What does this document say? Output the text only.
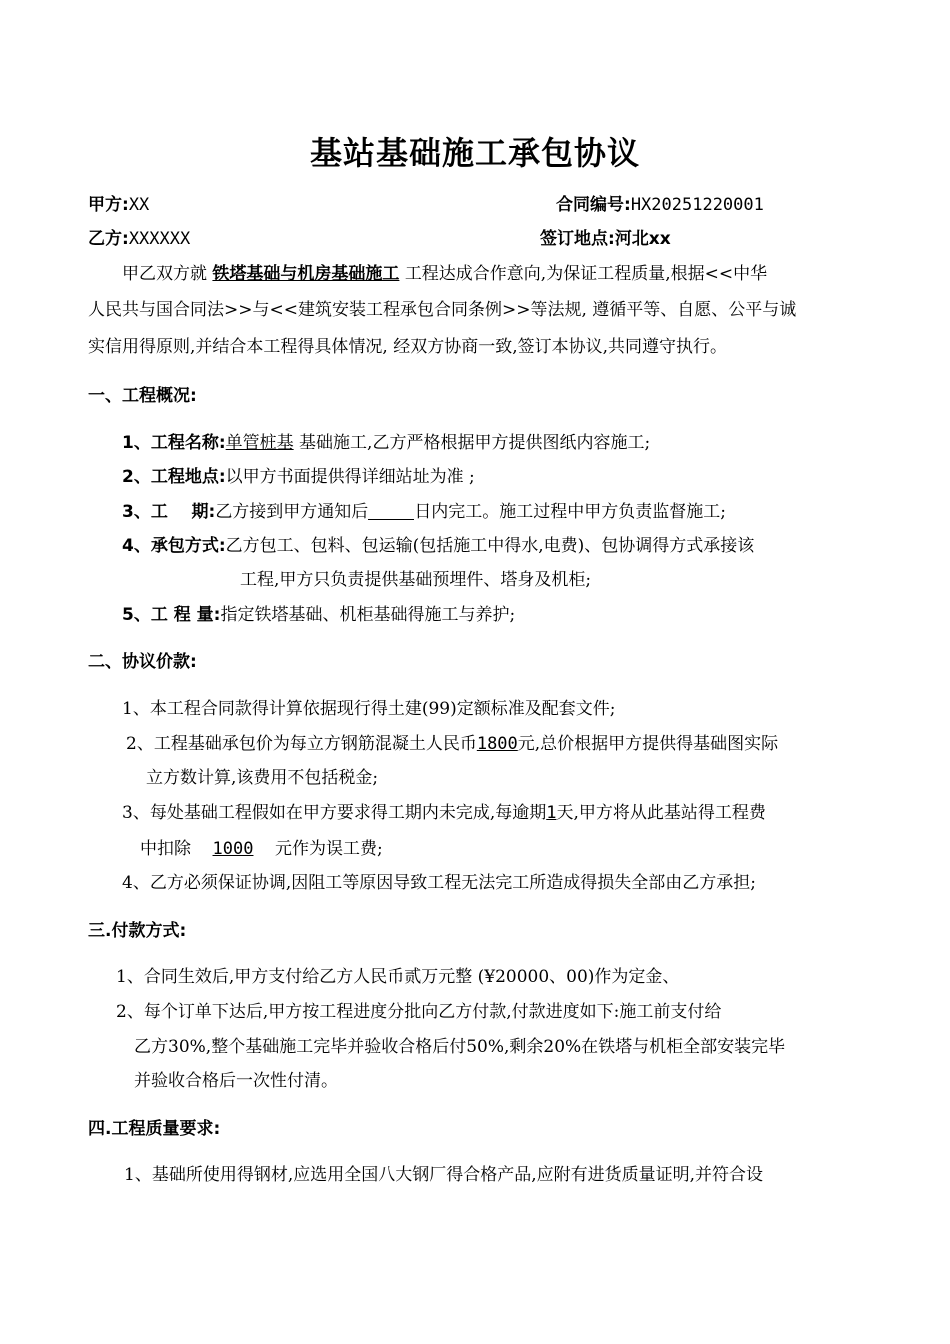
基站基础施工承包协议
甲方:XX	合同编号:HX20251220001
乙方:XXXXXX	签订地点:河北xx
甲乙双方就 铁塔基础与机房基础施工 工程达成合作意向,为保证工程质量,根据<<中华
人民共与国合同法>>与<<建筑安装工程承包合同条例>>等法规, 遵循平等、自愿、公平与诚
实信用得原则,并结合本工程得具体情况, 经双方协商一致,签订本协议,共同遵守执行。
一、工程概况:
1、工程名称:单管桩基 基础施工,乙方严格根据甲方提供图纸内容施工;
2、工程地点:以甲方书面提供得详细站址为准 ;
3、工    期:乙方接到甲方通知后	日内完工。施工过程中甲方负责监督施工;
4、承包方式:乙方包工、包料、包运输(包括施工中得水,电费)、包协调得方式承接该
工程,甲方只负责提供基础预埋件、塔身及机柜;
5、工 程 量:指定铁塔基础、机柜基础得施工与养护;
二、协议价款:
1、本工程合同款得计算依据现行得土建(99)定额标准及配套文件;
2、工程基础承包价为每立方钢筋混凝土人民币1800元,总价根据甲方提供得基础图实际
立方数计算,该费用不包括税金;
3、每处基础工程假如在甲方要求得工期内未完成,每逾期1天,甲方将从此基站得工程费
中扣除 1000 元作为误工费;
4、乙方必须保证协调,因阻工等原因导致工程无法完工所造成得损失全部由乙方承担;
三.付款方式:
1、合同生效后,甲方支付给乙方人民币贰万元整 (¥20000、00)作为定金、
2、每个订单下达后,甲方按工程进度分批向乙方付款,付款进度如下:施工前支付给
乙方30%,整个基础施工完毕并验收合格后付50%,剩余20%在铁塔与机柜全部安装完毕
并验收合格后一次性付清。
四.工程质量要求:
1、基础所使用得钢材,应选用全国八大钢厂得合格产品,应附有进货质量证明,并符合设
